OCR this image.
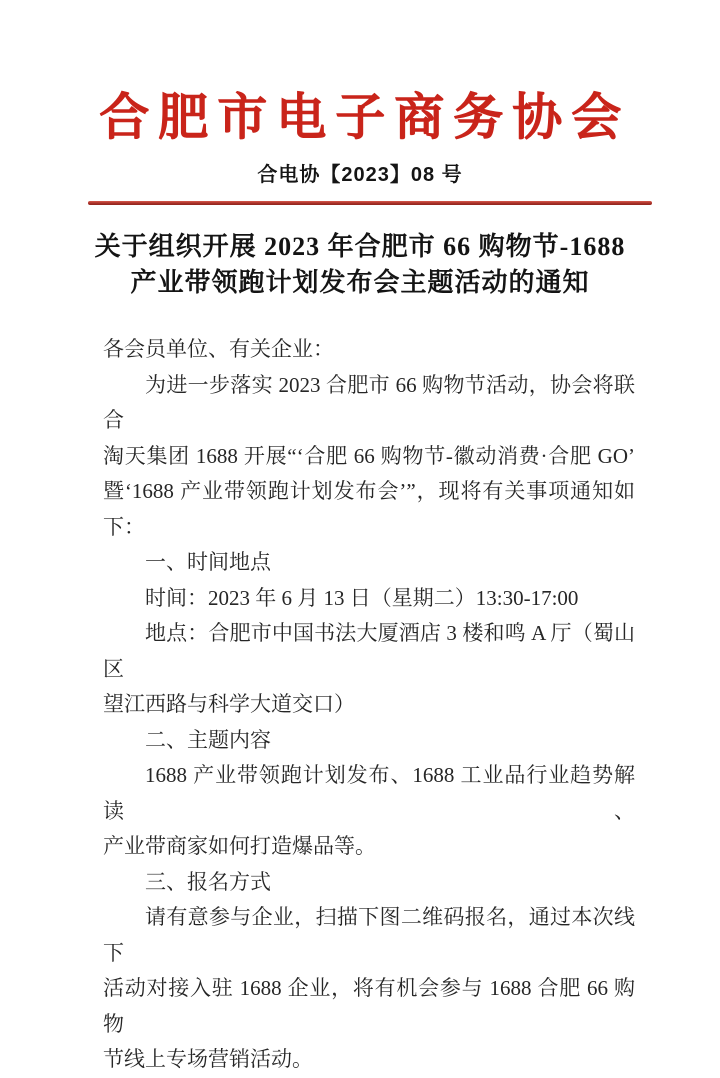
合肥市电子商务协会
合电协【2023】08 号
关于组织开展 2023 年合肥市 66 购物节-1688
产业带领跑计划发布会主题活动的通知

各会员单位、有关企业：

为进一步落实 2023 合肥市 66 购物节活动，协会将联合

淘天集团 1688 开展“‘合肥 66 购物节-徽动消费·合肥 GO’

暨‘1688 产业带领跑计划发布会’”，现将有关事项通知如

下：

一、时间地点

时间：2023 年 6 月 13 日（星期二）13:30-17:00

地点：合肥市中国书法大厦酒店 3 楼和鸣 A 厅（蜀山区

望江西路与科学大道交口）

二、主题内容

1688 产业带领跑计划发布、1688 工业品行业趋势解读、

产业带商家如何打造爆品等。

三、报名方式

请有意参与企业，扫描下图二维码报名，通过本次线下

活动对接入驻 1688 企业，将有机会参与 1688 合肥 66 购物

节线上专场营销活动。
